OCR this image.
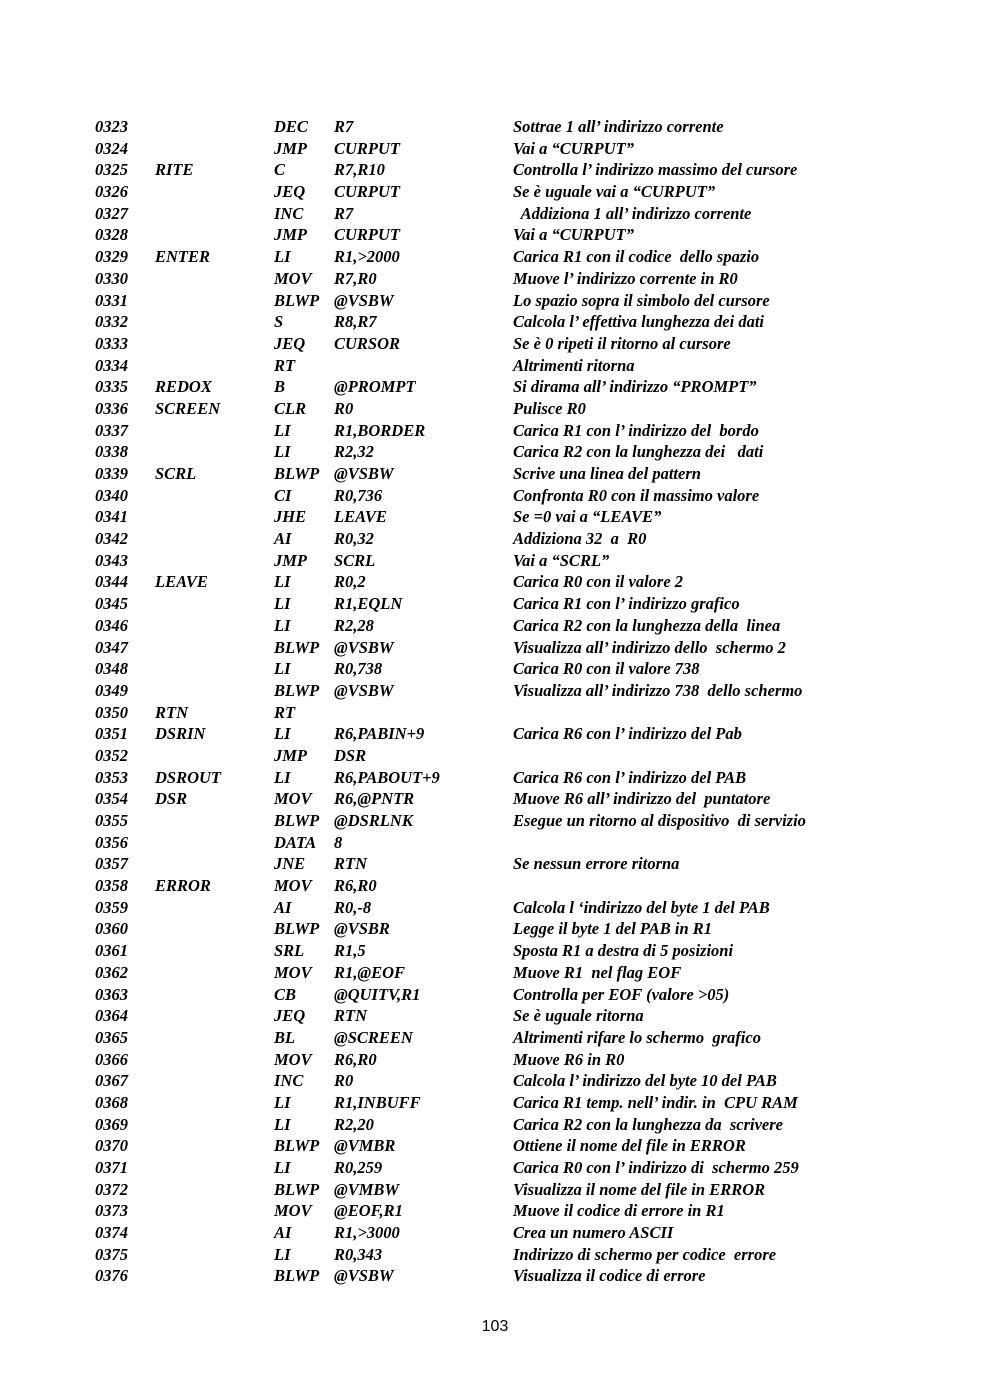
0323	DEC R7	Sottrae 1 all’ indirizzo corrente
0324	JMP CURPUT	Vai a “CURPUT”
0325 RITE	C	R7,R10	Controlla l’ indirizzo massimo del cursore
0326	JEQ CURPUT	Se è uguale vai a “CURPUT”
0327	INC R7	Addiziona 1 all’ indirizzo corrente
0328	JMP CURPUT	Vai a “CURPUT”
0329 ENTER	LI	R1,>2000	Carica R1 con il codice  dello spazio
0330	MOV R7,R0	Muove l’ indirizzo corrente in R0
0331	BLWP @VSBW	Lo spazio sopra il simbolo del cursore
0332	S	R8,R7	Calcola l’ effettiva lunghezza dei dati
0333	JEQ CURSOR	Se è 0 ripeti il ritorno al cursore
0334	RT	Altrimenti ritorna
0335 REDOX	B	@PROMPT	Si dirama all’ indirizzo “PROMPT”
0336 SCREEN	CLR R0	Pulisce R0
0337	LI	R1,BORDER	Carica R1 con l’ indirizzo del  bordo
0338	LI	R2,32	Carica R2 con la lunghezza dei   dati
0339 SCRL	BLWP @VSBW	Scrive una linea del pattern
0340	CI	R0,736	Confronta R0 con il massimo valore
0341	JHE LEAVE	Se =0 vai a “LEAVE”
0342	AI	R0,32	Addiziona 32  a  R0
0343	JMP SCRL	Vai a “SCRL”
0344 LEAVE	LI	R0,2	Carica R0 con il valore 2
0345	LI	R1,EQLN	Carica R1 con l’ indirizzo grafico
0346	LI	R2,28	Carica R2 con la lunghezza della  linea
0347	BLWP @VSBW	Visualizza all’ indirizzo dello  schermo 2
0348	LI	R0,738	Carica R0 con il valore 738
0349	BLWP @VSBW	Visualizza all’ indirizzo 738  dello schermo
0350 RTN	RT
0351 DSRIN	LI	R6,PABIN+9	Carica R6 con l’ indirizzo del Pab
0352	JMP DSR
0353 DSROUT	LI	R6,PABOUT+9	Carica R6 con l’ indirizzo del PAB
0354 DSR	MOV R6,@PNTR	Muove R6 all’ indirizzo del  puntatore
0355	BLWP @DSRLNK	Esegue un ritorno al dispositivo  di servizio
0356	DATA 8
0357	JNE RTN	Se nessun errore ritorna
0358 ERROR	MOV R6,R0
0359	AI	R0,-8	Calcola l ‘indirizzo del byte 1 del PAB
0360	BLWP @VSBR	Legge il byte 1 del PAB in R1
0361	SRL R1,5	Sposta R1 a destra di 5 posizioni
0362	MOV R1,@EOF	Muove R1  nel flag EOF
0363	CB @QUITV,R1	Controlla per EOF (valore >05)
0364	JEQ RTN	Se è uguale ritorna
0365	BL @SCREEN	Altrimenti rifare lo schermo  grafico
0366	MOV R6,R0	Muove R6 in R0
0367	INC R0	Calcola l’ indirizzo del byte 10 del PAB
0368	LI	R1,INBUFF	Carica R1 temp. nell’ indir. in  CPU RAM
0369	LI	R2,20	Carica R2 con la lunghezza da  scrivere
0370	BLWP @VMBR	Ottiene il nome del file in ERROR
0371	LI	R0,259	Carica R0 con l’ indirizzo di  schermo 259
0372	BLWP @VMBW	Visualizza il nome del file in ERROR
0373	MOV @EOF,R1	Muove il codice di errore in R1
0374	AI	R1,>3000	Crea un numero ASCII
0375	LI	R0,343	Indirizzo di schermo per codice  errore
0376	BLWP @VSBW	Visualizza il codice di errore
103
